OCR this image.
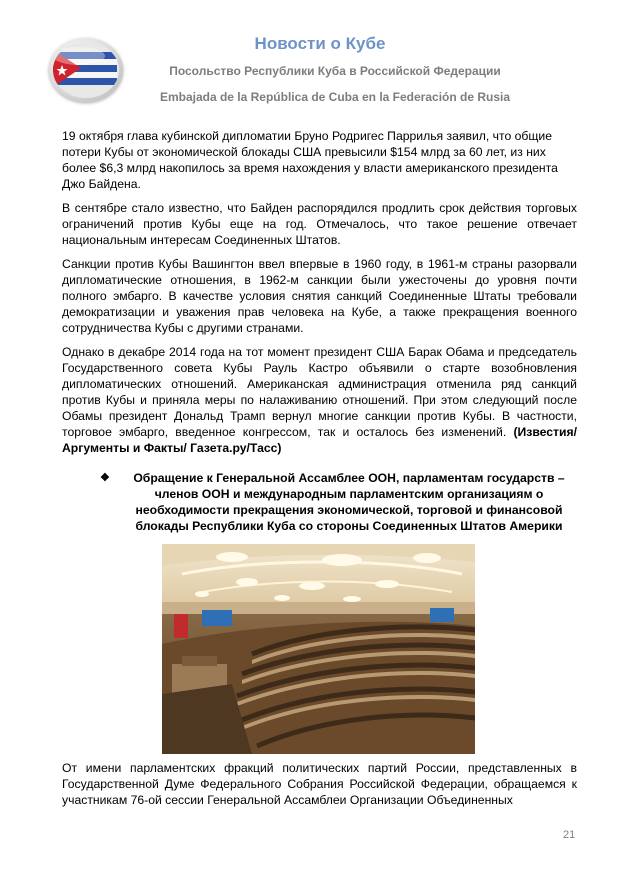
Новости о Кубе
Посольство Республики Куба в Российской Федерации
Embajada de la República de Cuba en la Federación de Rusia

19 октября глава кубинской дипломатии Бруно Родригес Паррилья заявил, что общие потери Кубы от экономической блокады США превысили $154 млрд за 60 лет, из них более $6,3 млрд накопилось за время нахождения у власти американского президента Джо Байдена.

В сентябре стало известно, что Байден распорядился продлить срок действия торговых ограничений против Кубы еще на год. Отмечалось, что такое решение отвечает национальным интересам Соединенных Штатов.

Санкции против Кубы Вашингтон ввел впервые в 1960 году, в 1961-м страны разорвали дипломатические отношения, в 1962-м санкции были ужесточены до уровня почти полного эмбарго. В качестве условия снятия санкций Соединенные Штаты требовали демократизации и уважения прав человека на Кубе, а также прекращения военного сотрудничества Кубы с другими странами.

Однако в декабре 2014 года на тот момент президент США Барак Обама и председатель Государственного совета Кубы Рауль Кастро объявили о старте возобновления дипломатических отношений. Американская администрация отменила ряд санкций против Кубы и приняла меры по налаживанию отношений. При этом следующий после Обамы президент Дональд Трамп вернул многие санкции против Кубы. В частности, торговое эмбарго, введенное конгрессом, так и осталось без изменений. (Известия/Аргументы и Факты/ Газета.ру/Тасс)

❖	Обращение к Генеральной Ассамблее ООН, парламентам государств – членов ООН и международным парламентским организациям о необходимости прекращения экономической, торговой и финансовой блокады Республики Куба со стороны Соединенных Штатов Америки

От имени парламентских фракций политических партий России, представленных в Государственной Думе Федерального Собрания Российской Федерации, обращаемся к участникам 76-ой сессии Генеральной Ассамблеи Организации Объединенных

21
